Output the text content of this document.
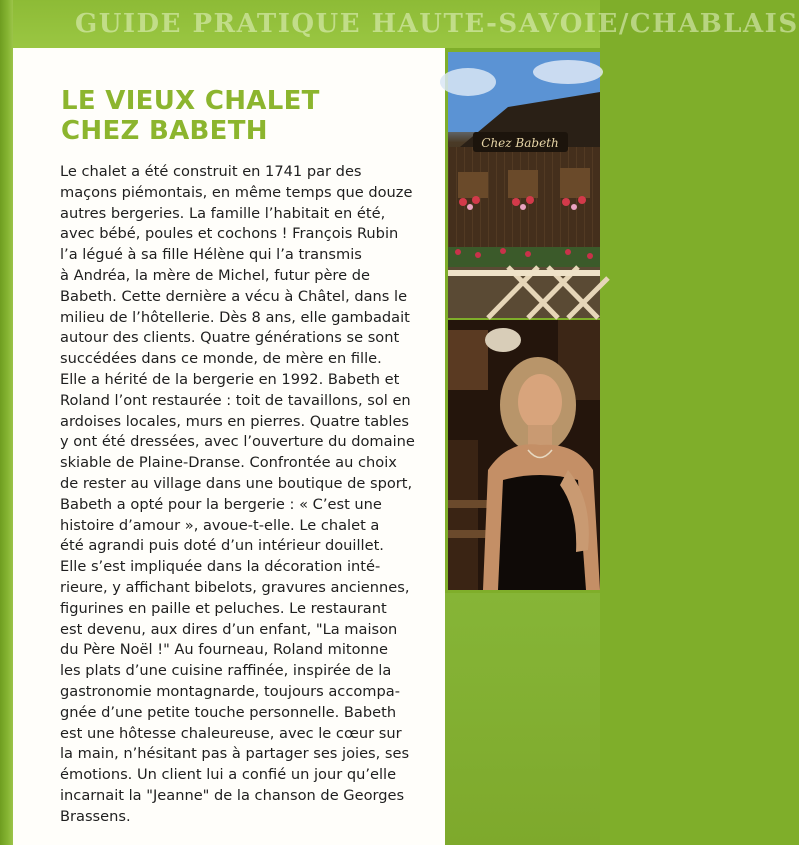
GUIDE PRATIQUE HAUTE-SAVOIE/CHABLAIS
LE VIEUX CHALET
CHEZ BABETH
Le chalet a été construit en 1741 par des
maçons piémontais, en même temps que douze
autres bergeries. La famille l’habitait en été,
avec bébé, poules et cochons ! François Rubin
l’a légué à sa fille Hélène qui l’a transmis
à Andréa, la mère de Michel, futur père de
Babeth. Cette dernière a vécu à Châtel, dans le
milieu de l’hôtellerie. Dès 8 ans, elle gambadait
autour des clients. Quatre générations se sont
succédées dans ce monde, de mère en fille.
Elle a hérité de la bergerie en 1992. Babeth et
Roland l’ont restaurée : toit de tavaillons, sol en
ardoises locales, murs en pierres. Quatre tables
y ont été dressées, avec l’ouverture du domaine
skiable de Plaine-Dranse. Confrontée au choix
de rester au village dans une boutique de sport,
Babeth a opté pour la bergerie : « C’est une
histoire d’amour », avoue-t-elle. Le chalet a
été agrandi puis doté d’un intérieur douillet.
Elle s’est impliquée dans la décoration inté-
rieure, y affichant bibelots, gravures anciennes,
figurines en paille et peluches. Le restaurant
est devenu, aux dires d’un enfant, "La maison
du Père Noël !" Au fourneau, Roland mitonne
les plats d’une cuisine raffinée, inspirée de la
gastronomie montagnarde, toujours accompa-
gnée d’une petite touche personnelle. Babeth
est une hôtesse chaleureuse, avec le cœur sur
la main, n’hésitant pas à partager ses joies, ses
émotions. Un client lui a confié un jour qu’elle
incarnait la "Jeanne" de la chanson de Georges
Brassens.
Chez Babeth
